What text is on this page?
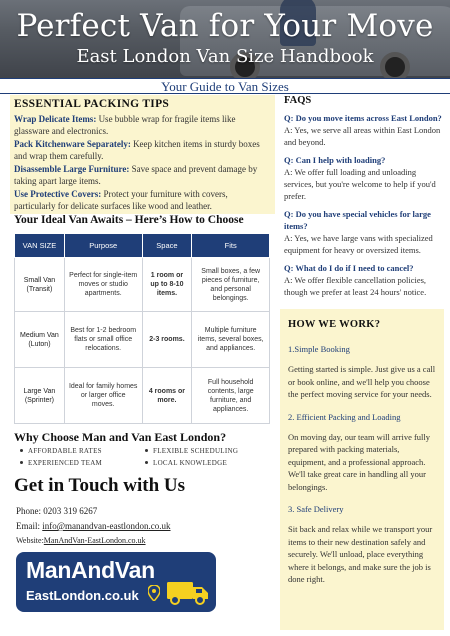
Perfect Van for Your Move
East London Van Size Handbook
Your Guide to Van Sizes
ESSENTIAL PACKING TIPS

Wrap Delicate Items: Use bubble wrap for fragile items like glassware and electronics.

Pack Kitchenware Separately: Keep kitchen items in sturdy boxes and wrap them carefully.

Disassemble Large Furniture: Save space and prevent damage by taking apart large items.

Use Protective Covers: Protect your furniture with covers, particularly for delicate surfaces like wood and leather.

Your Ideal Van Awaits – Here’s How to Choose
VAN SIZE	Purpose	Space	Fits
Small Van (Transit)	Perfect for single-item moves or studio apartments.	1 room or up to 8-10 items.	Small boxes, a few pieces of furniture, and personal belongings.
Medium Van (Luton)	Best for 1-2 bedroom flats or small office relocations.	2-3 rooms.	Multiple furniture items, several boxes, and appliances.
Large Van (Sprinter)	Ideal for family homes or larger office moves.	4 rooms or more.	Full household contents, large furniture, and appliances.
Why Choose Man and Van East London?
AFFORDABLE RATES	FLEXIBLE SCHEDULING
EXPERIENCED TEAM	LOCAL KNOWLEDGE
Get in Touch with Us
Phone: 0203 319 6267
Email: info@manandvan-eastlondon.co.uk
Website:ManAndVan-EastLondon.co.uk
ManAndVan
EastLondon.co.uk
FAQS
Q: Do you move items across East London?
A: Yes, we serve all areas within East London and beyond.
Q: Can I help with loading?
A: We offer full loading and unloading services, but you're welcome to help if you'd prefer.
Q: Do you have special vehicles for large items?
A: Yes, we have large vans with specialized equipment for heavy or oversized items.
Q: What do I do if I need to cancel?
A: We offer flexible cancellation policies, though we prefer at least 24 hours' notice.
HOW WE WORK?
1.Simple Booking
Getting started is simple. Just give us a call or book online, and we'll help you choose the perfect moving service for your needs.
2. Efficient Packing and Loading
On moving day, our team will arrive fully prepared with packing materials, equipment, and a professional approach. We'll take great care in handling all your belongings.
3. Safe Delivery
Sit back and relax while we transport your items to their new destination safely and securely. We'll unload, place everything where it belongs, and make sure the job is done right.
